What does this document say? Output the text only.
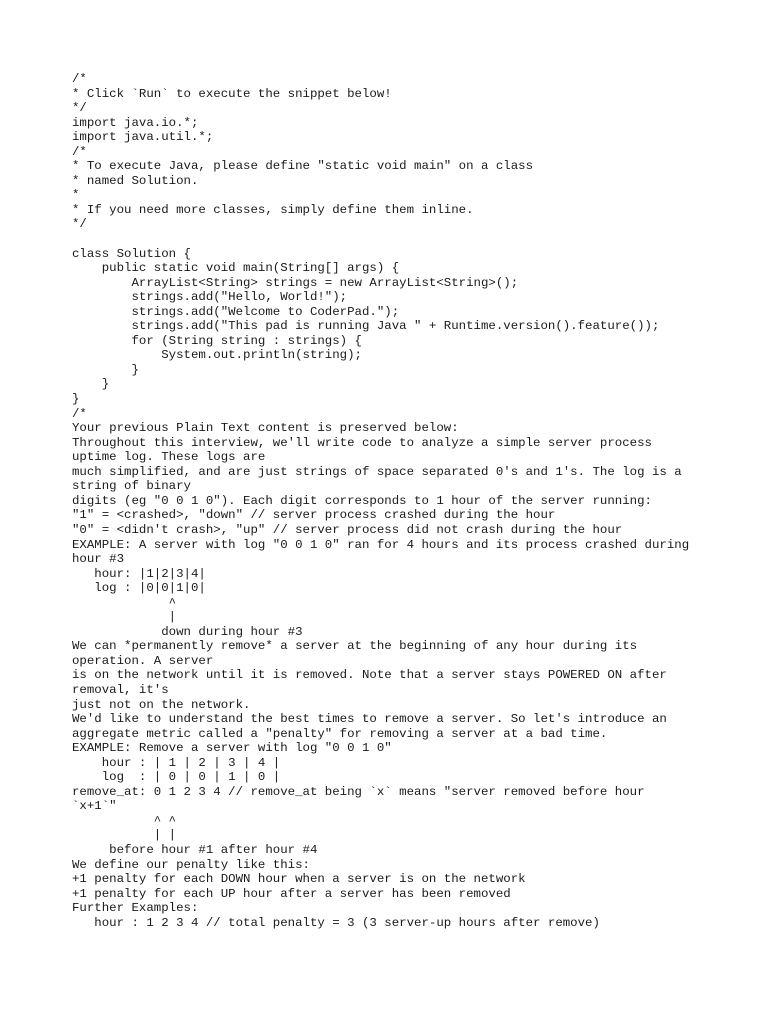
/*
* Click `Run` to execute the snippet below!
*/
import java.io.*;
import java.util.*;
/*
* To execute Java, please define "static void main" on a class
* named Solution.
*
* If you need more classes, simply define them inline.
*/
class Solution {
public static void main(String[] args) {
ArrayList<String> strings = new ArrayList<String>();
strings.add("Hello, World!");
strings.add("Welcome to CoderPad.");
strings.add("This pad is running Java " + Runtime.version().feature());
for (String string : strings) {
System.out.println(string);
}
}
}
/*
Your previous Plain Text content is preserved below:
Throughout this interview, we'll write code to analyze a simple server process
uptime log. These logs are
much simplified, and are just strings of space separated 0's and 1's. The log is a
string of binary
digits (eg "0 0 1 0"). Each digit corresponds to 1 hour of the server running:
"1" = <crashed>, "down" // server process crashed during the hour
"0" = <didn't crash>, "up" // server process did not crash during the hour
EXAMPLE: A server with log "0 0 1 0" ran for 4 hours and its process crashed during
hour #3
hour: |1|2|3|4|
log : |0|0|1|0|
^
|
down during hour #3
We can *permanently remove* a server at the beginning of any hour during its
operation. A server
is on the network until it is removed. Note that a server stays POWERED ON after
removal, it's
just not on the network.
We'd like to understand the best times to remove a server. So let's introduce an
aggregate metric called a "penalty" for removing a server at a bad time.
EXAMPLE: Remove a server with log "0 0 1 0"
hour : | 1 | 2 | 3 | 4 |
log  : | 0 | 0 | 1 | 0 |
remove_at: 0 1 2 3 4 // remove_at being `x` means "server removed before hour
`x+1`"
^ ^
| |
before hour #1 after hour #4
We define our penalty like this:
+1 penalty for each DOWN hour when a server is on the network
+1 penalty for each UP hour after a server has been removed
Further Examples:
hour : 1 2 3 4 // total penalty = 3 (3 server-up hours after remove)
